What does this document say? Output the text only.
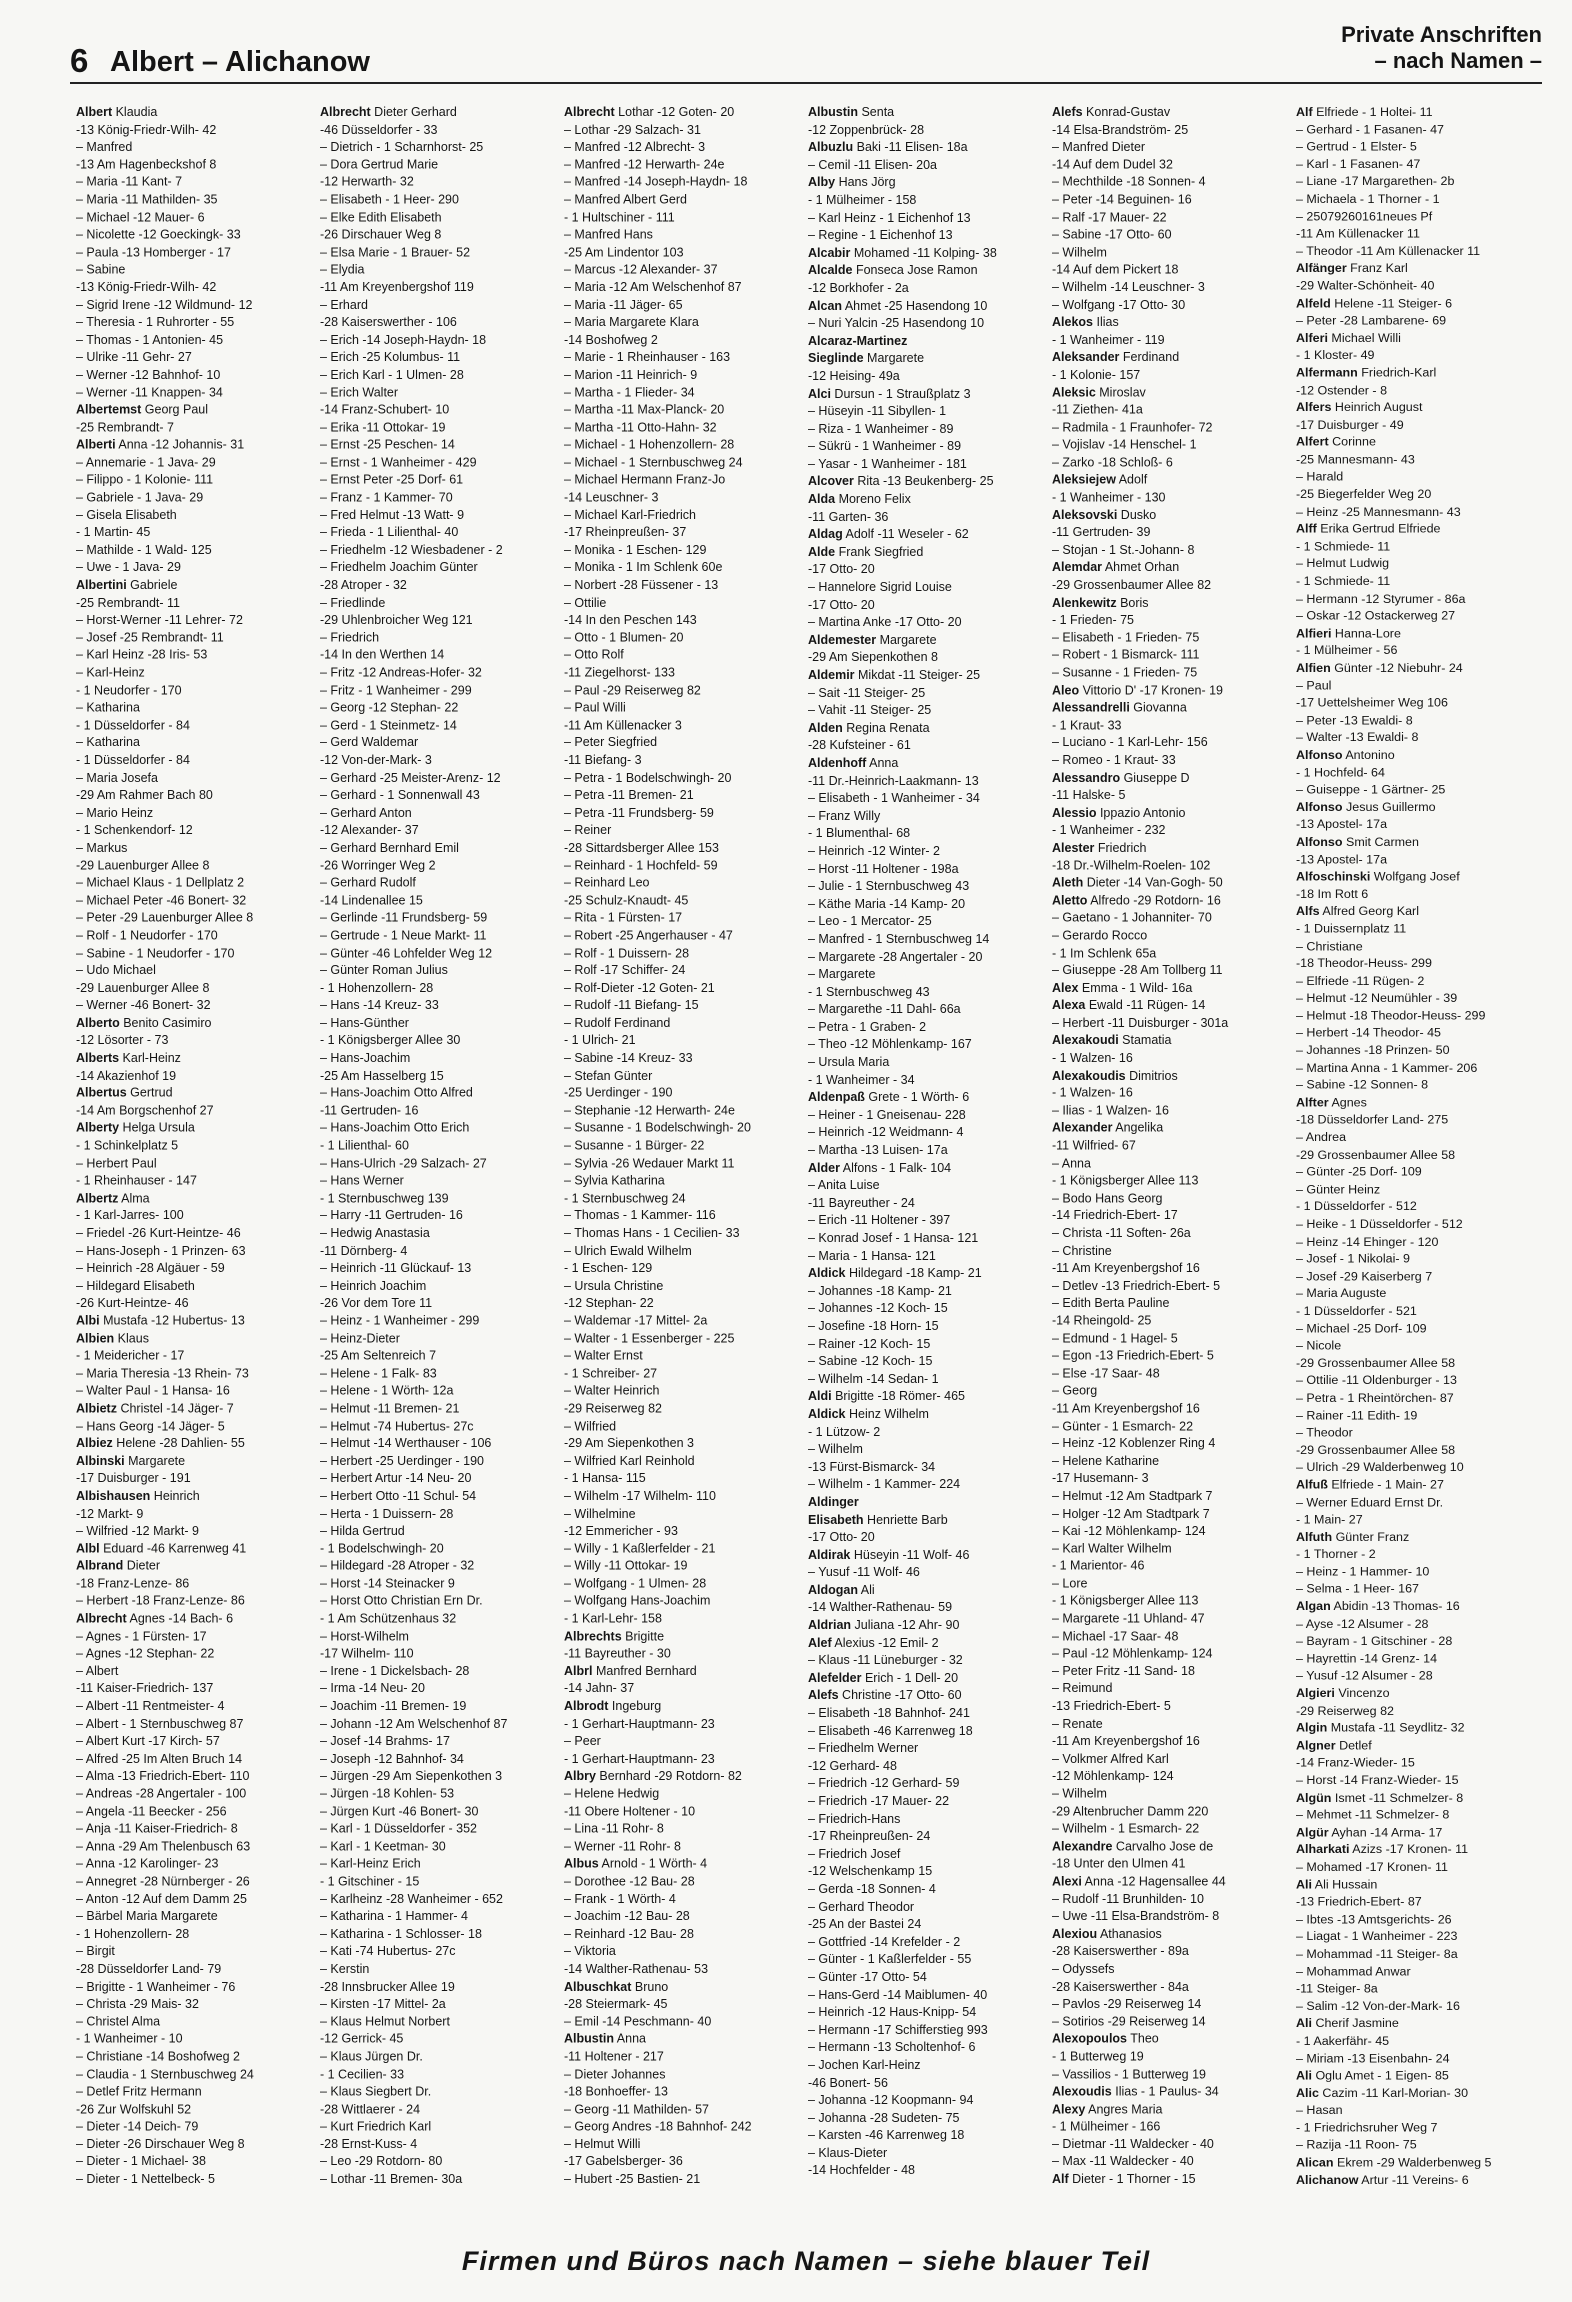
6 Albert – Alichanow
Private Anschriften
– nach Namen –
Albert Klaudia
-13 König-Friedr-Wilh- 42
– Manfred
-13 Am Hagenbeckshof 8
– Maria -11 Kant- 7
– Maria -11 Mathilden- 35
– Michael -12 Mauer- 6
– Nicolette -12 Goeckingk- 33
– Paula -13 Homberger - 17
– Sabine
-13 König-Friedr-Wilh- 42
– Sigrid Irene -12 Wildmund- 12
– Theresia - 1 Ruhrorter - 55
– Thomas - 1 Antonien- 45
– Ulrike -11 Gehr- 27
– Werner -12 Bahnhof- 10
– Werner -11 Knappen- 34
Albertemst Georg Paul
-25 Rembrandt- 7
Alberti Anna -12 Johannis- 31
– Annemarie - 1 Java- 29
– Filippo - 1 Kolonie- 111
– Gabriele - 1 Java- 29
– Gisela Elisabeth
- 1 Martin- 45
– Mathilde - 1 Wald- 125
– Uwe - 1 Java- 29
Albertini Gabriele
-25 Rembrandt- 11
– Horst-Werner -11 Lehrer- 72
– Josef -25 Rembrandt- 11
– Karl Heinz -28 Iris- 53
– Karl-Heinz
- 1 Neudorfer - 170
– Katharina
- 1 Düsseldorfer - 84
– Katharina
- 1 Düsseldorfer - 84
– Maria Josefa
-29 Am Rahmer Bach 80
– Mario Heinz
- 1 Schenkendorf- 12
– Markus
-29 Lauenburger Allee 8
– Michael Klaus - 1 Dellplatz 2
– Michael Peter -46 Bonert- 32
– Peter -29 Lauenburger Allee 8
– Rolf - 1 Neudorfer - 170
– Sabine - 1 Neudorfer - 170
– Udo Michael
-29 Lauenburger Allee 8
– Werner -46 Bonert- 32
Alberto Benito Casimiro
-12 Lösorter - 73
Alberts Karl-Heinz
-14 Akazienhof 19
Albertus Gertrud
-14 Am Borgschenhof 27
Alberty Helga Ursula
- 1 Schinkelplatz 5
– Herbert Paul
- 1 Rheinhauser - 147
Albertz Alma
- 1 Karl-Jarres- 100
– Friedel -26 Kurt-Heintze- 46
– Hans-Joseph - 1 Prinzen- 63
– Heinrich -28 Algäuer - 59
– Hildegard Elisabeth
-26 Kurt-Heintze- 46
Albi Mustafa -12 Hubertus- 13
Albien Klaus
- 1 Meidericher - 17
– Maria Theresia -13 Rhein- 73
– Walter Paul - 1 Hansa- 16
Albietz Christel -14 Jäger- 7
– Hans Georg -14 Jäger- 5
Albiez Helene -28 Dahlien- 55
Albinski Margarete
-17 Duisburger - 191
Albishausen Heinrich
-12 Markt- 9
– Wilfried -12 Markt- 9
Albl Eduard -46 Karrenweg 41
Albrand Dieter
-18 Franz-Lenze- 86
– Herbert -18 Franz-Lenze- 86
Albrecht Agnes -14 Bach- 6
– Agnes - 1 Fürsten- 17
– Agnes -12 Stephan- 22
– Albert
-11 Kaiser-Friedrich- 137
– Albert -11 Rentmeister- 4
– Albert - 1 Sternbuschweg 87
– Albert Kurt -17 Kirch- 57
– Alfred -25 Im Alten Bruch 14
– Alma -13 Friedrich-Ebert- 110
– Andreas -28 Angertaler - 100
– Angela -11 Beecker - 256
– Anja -11 Kaiser-Friedrich- 8
– Anna -29 Am Thelenbusch 63
– Anna -12 Karolinger- 23
– Annegret -28 Nürnberger - 26
– Anton -12 Auf dem Damm 25
– Bärbel Maria Margarete
- 1 Hohenzollern- 28
– Birgit
-28 Düsseldorfer Land- 79
– Brigitte - 1 Wanheimer - 76
– Christa -29 Mais- 32
– Christel Alma
- 1 Wanheimer - 10
– Christiane -14 Boshofweg 2
– Claudia - 1 Sternbuschweg 24
– Detlef Fritz Hermann
-26 Zur Wolfskuhl 52
– Dieter -14 Deich- 79
– Dieter -26 Dirschauer Weg 8
– Dieter - 1 Michael- 38
– Dieter - 1 Nettelbeck- 5
Albrecht Dieter Gerhard
-46 Düsseldorfer - 33
– Dietrich - 1 Scharnhorst- 25
– Dora Gertrud Marie
-12 Herwarth- 32
– Elisabeth - 1 Heer- 290
– Elke Edith Elisabeth
-26 Dirschauer Weg 8
– Elsa Marie - 1 Brauer- 52
– Elydia
-11 Am Kreyenbergshof 119
– Erhard
-28 Kaiserswerther - 106
– Erich -14 Joseph-Haydn- 18
– Erich -25 Kolumbus- 11
– Erich Karl - 1 Ulmen- 28
– Erich Walter
-14 Franz-Schubert- 10
– Erika -11 Ottokar- 19
– Ernst -25 Peschen- 14
– Ernst - 1 Wanheimer - 429
– Ernst Peter -25 Dorf- 61
– Franz - 1 Kammer- 70
– Fred Helmut -13 Watt- 9
– Frieda - 1 Lilienthal- 40
– Friedhelm -12 Wiesbadener - 2
– Friedhelm Joachim Günter
-28 Atroper - 32
– Friedlinde
-29 Uhlenbroicher Weg 121
– Friedrich
-14 In den Werthen 14
– Fritz -12 Andreas-Hofer- 32
– Fritz - 1 Wanheimer - 299
– Georg -12 Stephan- 22
– Gerd - 1 Steinmetz- 14
– Gerd Waldemar
-12 Von-der-Mark- 3
– Gerhard -25 Meister-Arenz- 12
– Gerhard - 1 Sonnenwall 43
– Gerhard Anton
-12 Alexander- 37
– Gerhard Bernhard Emil
-26 Worringer Weg 2
– Gerhard Rudolf
-14 Lindenallee 15
– Gerlinde -11 Frundsberg- 59
– Gertrude - 1 Neue Markt- 11
– Günter -46 Lohfelder Weg 12
– Günter Roman Julius
- 1 Hohenzollern- 28
– Hans -14 Kreuz- 33
– Hans-Günther
- 1 Königsberger Allee 30
– Hans-Joachim
-25 Am Hasselberg 15
– Hans-Joachim Otto Alfred
-11 Gertruden- 16
– Hans-Joachim Otto Erich
- 1 Lilienthal- 60
– Hans-Ulrich -29 Salzach- 27
– Hans Werner
- 1 Sternbuschweg 139
– Harry -11 Gertruden- 16
– Hedwig Anastasia
-11 Dörnberg- 4
– Heinrich -11 Glückauf- 13
– Heinrich Joachim
-26 Vor dem Tore 11
– Heinz - 1 Wanheimer - 299
– Heinz-Dieter
-25 Am Seltenreich 7
– Helene - 1 Falk- 83
– Helene - 1 Wörth- 12a
– Helmut -11 Bremen- 21
– Helmut -74 Hubertus- 27c
– Helmut -14 Werthauser - 106
– Herbert -25 Uerdinger - 190
– Herbert Artur -14 Neu- 20
– Herbert Otto -11 Schul- 54
– Herta - 1 Duissern- 28
– Hilda Gertrud
- 1 Bodelschwingh- 20
– Hildegard -28 Atroper - 32
– Horst -14 Steinacker 9
– Horst Otto Christian Ern Dr.
- 1 Am Schützenhaus 32
– Horst-Wilhelm
-17 Wilhelm- 110
– Irene - 1 Dickelsbach- 28
– Irma -14 Neu- 20
– Joachim -11 Bremen- 19
– Johann -12 Am Welschenhof 87
– Josef -14 Brahms- 17
– Joseph -12 Bahnhof- 34
– Jürgen -29 Am Siepenkothen 3
– Jürgen -18 Kohlen- 53
– Jürgen Kurt -46 Bonert- 30
– Karl - 1 Düsseldorfer - 352
– Karl - 1 Keetman- 30
– Karl-Heinz Erich
- 1 Gitschiner - 15
– Karlheinz -28 Wanheimer - 652
– Katharina - 1 Hammer- 4
– Katharina - 1 Schlosser- 18
– Kati -74 Hubertus- 27c
– Kerstin
-28 Innsbrucker Allee 19
– Kirsten -17 Mittel- 2a
– Klaus Helmut Norbert
-12 Gerrick- 45
– Klaus Jürgen Dr.
- 1 Cecilien- 33
– Klaus Siegbert Dr.
-28 Wittlaerer - 24
– Kurt Friedrich Karl
-28 Ernst-Kuss- 4
– Leo -29 Rotdorn- 80
– Lothar -11 Bremen- 30a
Albrecht Lothar -12 Goten- 20
– Lothar -29 Salzach- 31
– Manfred -12 Albrecht- 3
– Manfred -12 Herwarth- 24e
– Manfred -14 Joseph-Haydn- 18
– Manfred Albert Gerd
- 1 Hultschiner - 111
– Manfred Hans
-25 Am Lindentor 103
– Marcus -12 Alexander- 37
– Maria -12 Am Welschenhof 87
– Maria -11 Jäger- 65
– Maria Margarete Klara
-14 Boshofweg 2
– Marie - 1 Rheinhauser - 163
– Marion -11 Heinrich- 9
– Martha - 1 Flieder- 34
– Martha -11 Max-Planck- 20
– Martha -11 Otto-Hahn- 32
– Michael - 1 Hohenzollern- 28
– Michael - 1 Sternbuschweg 24
– Michael Hermann Franz-Jo
-14 Leuschner- 3
– Michael Karl-Friedrich
-17 Rheinpreußen- 37
– Monika - 1 Eschen- 129
– Monika - 1 Im Schlenk 60e
– Norbert -28 Füssener - 13
– Ottilie
-14 In den Peschen 143
– Otto - 1 Blumen- 20
– Otto Rolf
-11 Ziegelhorst- 133
– Paul -29 Reiserweg 82
– Paul Willi
-11 Am Küllenacker 3
– Peter Siegfried
-11 Biefang- 3
– Petra - 1 Bodelschwingh- 20
– Petra -11 Bremen- 21
– Petra -11 Frundsberg- 59
– Reiner
-28 Sittardsberger Allee 153
– Reinhard - 1 Hochfeld- 59
– Reinhard Leo
-25 Schulz-Knaudt- 45
– Rita - 1 Fürsten- 17
– Robert -25 Angerhauser - 47
– Rolf - 1 Duissern- 28
– Rolf -17 Schiffer- 24
– Rolf-Dieter -12 Goten- 21
– Rudolf -11 Biefang- 15
– Rudolf Ferdinand
- 1 Ulrich- 21
– Sabine -14 Kreuz- 33
– Stefan Günter
-25 Uerdinger - 190
– Stephanie -12 Herwarth- 24e
– Susanne - 1 Bodelschwingh- 20
– Susanne - 1 Bürger- 22
– Sylvia -26 Wedauer Markt 11
– Sylvia Katharina
- 1 Sternbuschweg 24
– Thomas - 1 Kammer- 116
– Thomas Hans - 1 Cecilien- 33
– Ulrich Ewald Wilhelm
- 1 Eschen- 129
– Ursula Christine
-12 Stephan- 22
– Waldemar -17 Mittel- 2a
– Walter - 1 Essenberger - 225
– Walter Ernst
- 1 Schreiber- 27
– Walter Heinrich
-29 Reiserweg 82
– Wilfried
-29 Am Siepenkothen 3
– Wilfried Karl Reinhold
- 1 Hansa- 115
– Wilhelm -17 Wilhelm- 110
– Wilhelmine
-12 Emmericher - 93
– Willy - 1 Kaßlerfelder - 21
– Willy -11 Ottokar- 19
– Wolfgang - 1 Ulmen- 28
– Wolfgang Hans-Joachim
- 1 Karl-Lehr- 158
Albrechts Brigitte
-11 Bayreuther - 30
Albrl Manfred Bernhard
-14 Jahn- 37
Albrodt Ingeburg
- 1 Gerhart-Hauptmann- 23
– Peer
- 1 Gerhart-Hauptmann- 23
Albry Bernhard -29 Rotdorn- 82
– Helene Hedwig
-11 Obere Holtener - 10
– Lina -11 Rohr- 8
– Werner -11 Rohr- 8
Albus Arnold - 1 Wörth- 4
– Dorothee -12 Bau- 28
– Frank - 1 Wörth- 4
– Joachim -12 Bau- 28
– Reinhard -12 Bau- 28
– Viktoria
-14 Walther-Rathenau- 53
Albuschkat Bruno
-28 Steiermark- 45
– Emil -14 Peschmann- 40
Albustin Anna
-11 Holtener - 217
– Dieter Johannes
-18 Bonhoeffer- 13
– Georg -11 Mathilden- 57
– Georg Andres -18 Bahnhof- 242
– Helmut Willi
-17 Gabelsberger- 36
– Hubert -25 Bastien- 21
Albustin Senta
-12 Zoppenbrück- 28
Albuzlu Baki -11 Elisen- 18a
– Cemil -11 Elisen- 20a
Alby Hans Jörg
- 1 Mülheimer - 158
– Karl Heinz - 1 Eichenhof 13
– Regine - 1 Eichenhof 13
Alcabir Mohamed -11 Kolping- 38
Alcalde Fonseca Jose Ramon
-12 Borkhofer - 2a
Alcan Ahmet -25 Hasendong 10
– Nuri Yalcin -25 Hasendong 10
Alcaraz-Martinez
Sieglinde Margarete
-12 Heising- 49a
Alci Dursun - 1 Straußplatz 3
– Hüseyin -11 Sibyllen- 1
– Riza - 1 Wanheimer - 89
– Sükrü - 1 Wanheimer - 89
– Yasar - 1 Wanheimer - 181
Alcover Rita -13 Beukenberg- 25
Alda Moreno Felix
-11 Garten- 36
Aldag Adolf -11 Weseler - 62
Alde Frank Siegfried
-17 Otto- 20
– Hannelore Sigrid Louise
-17 Otto- 20
– Martina Anke -17 Otto- 20
Aldemester Margarete
-29 Am Siepenkothen 8
Aldemir Mikdat -11 Steiger- 25
– Sait -11 Steiger- 25
– Vahit -11 Steiger- 25
Alden Regina Renata
-28 Kufsteiner - 61
Aldenhoff Anna
-11 Dr.-Heinrich-Laakmann- 13
– Elisabeth - 1 Wanheimer - 34
– Franz Willy
- 1 Blumenthal- 68
– Heinrich -12 Winter- 2
– Horst -11 Holtener - 198a
– Julie - 1 Sternbuschweg 43
– Käthe Maria -14 Kamp- 20
– Leo - 1 Mercator- 25
– Manfred - 1 Sternbuschweg 14
– Margarete -28 Angertaler - 20
– Margarete
- 1 Sternbuschweg 43
– Margarethe -11 Dahl- 66a
– Petra - 1 Graben- 2
– Theo -12 Möhlenkamp- 167
– Ursula Maria
- 1 Wanheimer - 34
Aldenpaß Grete - 1 Wörth- 6
– Heiner - 1 Gneisenau- 228
– Heinrich -12 Weidmann- 4
– Martha -13 Luisen- 17a
Alder Alfons - 1 Falk- 104
– Anita Luise
-11 Bayreuther - 24
– Erich -11 Holtener - 397
– Konrad Josef - 1 Hansa- 121
– Maria - 1 Hansa- 121
Aldick Hildegard -18 Kamp- 21
– Johannes -18 Kamp- 21
– Johannes -12 Koch- 15
– Josefine -18 Horn- 15
– Rainer -12 Koch- 15
– Sabine -12 Koch- 15
– Wilhelm -14 Sedan- 1
Aldi Brigitte -18 Römer- 465
Aldick Heinz Wilhelm
- 1 Lützow- 2
– Wilhelm
-13 Fürst-Bismarck- 34
– Wilhelm - 1 Kammer- 224
Aldinger
Elisabeth Henriette Barb
-17 Otto- 20
Aldirak Hüseyin -11 Wolf- 46
– Yusuf -11 Wolf- 46
Aldogan Ali
-14 Walther-Rathenau- 59
Aldrian Juliana -12 Ahr- 90
Alef Alexius -12 Emil- 2
– Klaus -11 Lüneburger - 32
Alefelder Erich - 1 Dell- 20
Alefs Christine -17 Otto- 60
– Elisabeth -18 Bahnhof- 241
– Elisabeth -46 Karrenweg 18
– Friedhelm Werner
-12 Gerhard- 48
– Friedrich -12 Gerhard- 59
– Friedrich -17 Mauer- 22
– Friedrich-Hans
-17 Rheinpreußen- 24
– Friedrich Josef
-12 Welschenkamp 15
– Gerda -18 Sonnen- 4
– Gerhard Theodor
-25 An der Bastei 24
– Gottfried -14 Krefelder - 2
– Günter - 1 Kaßlerfelder - 55
– Günter -17 Otto- 54
– Hans-Gerd -14 Maiblumen- 40
– Heinrich -12 Haus-Knipp- 54
– Hermann -17 Schifferstieg 993
– Hermann -13 Scholtenhof- 6
– Jochen Karl-Heinz
-46 Bonert- 56
– Johanna -12 Koopmann- 94
– Johanna -28 Sudeten- 75
– Karsten -46 Karrenweg 18
– Klaus-Dieter
-14 Hochfelder - 48
Alefs Konrad-Gustav
-14 Elsa-Brandström- 25
– Manfred Dieter
-14 Auf dem Dudel 32
– Mechthilde -18 Sonnen- 4
– Peter -14 Beguinen- 16
– Ralf -17 Mauer- 22
– Sabine -17 Otto- 60
– Wilhelm
-14 Auf dem Pickert 18
– Wilhelm -14 Leuschner- 3
– Wolfgang -17 Otto- 30
Alekos Ilias
- 1 Wanheimer - 119
Aleksander Ferdinand
- 1 Kolonie- 157
Aleksic Miroslav
-11 Ziethen- 41a
– Radmila - 1 Fraunhofer- 72
– Vojislav -14 Henschel- 1
– Zarko -18 Schloß- 6
Aleksiejew Adolf
- 1 Wanheimer - 130
Aleksovski Dusko
-11 Gertruden- 39
– Stojan - 1 St.-Johann- 8
Alemdar Ahmet Orhan
-29 Grossenbaumer Allee 82
Alenkewitz Boris
- 1 Frieden- 75
– Elisabeth - 1 Frieden- 75
– Robert - 1 Bismarck- 111
– Susanne - 1 Frieden- 75
Aleo Vittorio D' -17 Kronen- 19
Alessandrelli Giovanna
- 1 Kraut- 33
– Luciano - 1 Karl-Lehr- 156
– Romeo - 1 Kraut- 33
Alessandro Giuseppe D
-11 Halske- 5
Alessio Ippazio Antonio
- 1 Wanheimer - 232
Alester Friedrich
-18 Dr.-Wilhelm-Roelen- 102
Aleth Dieter -14 Van-Gogh- 50
Aletto Alfredo -29 Rotdorn- 16
– Gaetano - 1 Johanniter- 70
– Gerardo Rocco
- 1 Im Schlenk 65a
– Giuseppe -28 Am Tollberg 11
Alex Emma - 1 Wild- 16a
Alexa Ewald -11 Rügen- 14
– Herbert -11 Duisburger - 301a
Alexakoudi Stamatia
- 1 Walzen- 16
Alexakoudis Dimitrios
- 1 Walzen- 16
– Ilias - 1 Walzen- 16
Alexander Angelika
-11 Wilfried- 67
– Anna
- 1 Königsberger Allee 113
– Bodo Hans Georg
-14 Friedrich-Ebert- 17
– Christa -11 Soften- 26a
– Christine
-11 Am Kreyenbergshof 16
– Detlev -13 Friedrich-Ebert- 5
– Edith Berta Pauline
-14 Rheingold- 25
– Edmund - 1 Hagel- 5
– Egon -13 Friedrich-Ebert- 5
– Else -17 Saar- 48
– Georg
-11 Am Kreyenbergshof 16
– Günter - 1 Esmarch- 22
– Heinz -12 Koblenzer Ring 4
– Helene Katharine
-17 Husemann- 3
– Helmut -12 Am Stadtpark 7
– Holger -12 Am Stadtpark 7
– Kai -12 Möhlenkamp- 124
– Karl Walter Wilhelm
- 1 Marientor- 46
– Lore
- 1 Königsberger Allee 113
– Margarete -11 Uhland- 47
– Michael -17 Saar- 48
– Paul -12 Möhlenkamp- 124
– Peter Fritz -11 Sand- 18
– Reimund
-13 Friedrich-Ebert- 5
– Renate
-11 Am Kreyenbergshof 16
– Volkmer Alfred Karl
-12 Möhlenkamp- 124
– Wilhelm
-29 Altenbrucher Damm 220
– Wilhelm - 1 Esmarch- 22
Alexandre Carvalho Jose de
-18 Unter den Ulmen 41
Alexi Anna -12 Hagensallee 44
– Rudolf -11 Brunhilden- 10
– Uwe -11 Elsa-Brandström- 8
Alexiou Athanasios
-28 Kaiserswerther - 89a
– Odyssefs
-28 Kaiserswerther - 84a
– Pavlos -29 Reiserweg 14
– Sotirios -29 Reiserweg 14
Alexopoulos Theo
- 1 Butterweg 19
– Vassilios - 1 Butterweg 19
Alexoudis Ilias - 1 Paulus- 34
Alexy Angres Maria
- 1 Mülheimer - 166
– Dietmar -11 Waldecker - 40
– Max -11 Waldecker - 40
Alf Dieter - 1 Thorner - 15
Alf Elfriede - 1 Holtei- 11
– Gerhard - 1 Fasanen- 47
– Gertrud - 1 Elster- 5
– Karl - 1 Fasanen- 47
– Liane -17 Margarethen- 2b
– Michaela - 1 Thorner - 1
– 25079260161neues Pf
-11 Am Küllenacker 11
– Theodor -11 Am Küllenacker 11
Alfänger Franz Karl
-29 Walter-Schönheit- 40
Alfeld Helene -11 Steiger- 6
– Peter -28 Lambarene- 69
Alferi Michael Willi
- 1 Kloster- 49
Alfermann Friedrich-Karl
-12 Ostender - 8
Alfers Heinrich August
-17 Duisburger - 49
Alfert Corinne
-25 Mannesmann- 43
– Harald
-25 Biegerfelder Weg 20
– Heinz -25 Mannesmann- 43
Alff Erika Gertrud Elfriede
- 1 Schmiede- 11
– Helmut Ludwig
- 1 Schmiede- 11
– Hermann -12 Styrumer - 86a
– Oskar -12 Ostackerweg 27
Alfieri Hanna-Lore
- 1 Mülheimer - 56
Alfien Günter -12 Niebuhr- 24
– Paul
-17 Uettelsheimer Weg 106
– Peter -13 Ewaldi- 8
– Walter -13 Ewaldi- 8
Alfonso Antonino
- 1 Hochfeld- 64
– Guiseppe - 1 Gärtner- 25
Alfonso Jesus Guillermo
-13 Apostel- 17a
Alfonso Smit Carmen
-13 Apostel- 17a
Alfoschinski Wolfgang Josef
-18 Im Rott 6
Alfs Alfred Georg Karl
- 1 Duissernplatz 11
– Christiane
-18 Theodor-Heuss- 299
– Elfriede -11 Rügen- 2
– Helmut -12 Neumühler - 39
– Helmut -18 Theodor-Heuss- 299
– Herbert -14 Theodor- 45
– Johannes -18 Prinzen- 50
– Martina Anna - 1 Kammer- 206
– Sabine -12 Sonnen- 8
Alfter Agnes
-18 Düsseldorfer Land- 275
– Andrea
-29 Grossenbaumer Allee 58
– Günter -25 Dorf- 109
– Günter Heinz
- 1 Düsseldorfer - 512
– Heike - 1 Düsseldorfer - 512
– Heinz -14 Ehinger - 120
– Josef - 1 Nikolai- 9
– Josef -29 Kaiserberg 7
– Maria Auguste
- 1 Düsseldorfer - 521
– Michael -25 Dorf- 109
– Nicole
-29 Grossenbaumer Allee 58
– Ottilie -11 Oldenburger - 13
– Petra - 1 Rheintörchen- 87
– Rainer -11 Edith- 19
– Theodor
-29 Grossenbaumer Allee 58
– Ulrich -29 Walderbenweg 10
Alfuß Elfriede - 1 Main- 27
– Werner Eduard Ernst Dr.
- 1 Main- 27
Alfuth Günter Franz
- 1 Thorner - 2
– Heinz - 1 Hammer- 10
– Selma - 1 Heer- 167
Algan Abidin -13 Thomas- 16
– Ayse -12 Alsumer - 28
– Bayram - 1 Gitschiner - 28
– Hayrettin -14 Grenz- 14
– Yusuf -12 Alsumer - 28
Algieri Vincenzo
-29 Reiserweg 82
Algin Mustafa -11 Seydlitz- 32
Algner Detlef
-14 Franz-Wieder- 15
– Horst -14 Franz-Wieder- 15
Algün Ismet -11 Schmelzer- 8
– Mehmet -11 Schmelzer- 8
Algür Ayhan -14 Arma- 17
Alharkati Azizs -17 Kronen- 11
– Mohamed -17 Kronen- 11
Ali Ali Hussain
-13 Friedrich-Ebert- 87
– Ibtes -13 Amtsgerichts- 26
– Liagat - 1 Wanheimer - 223
– Mohammad -11 Steiger- 8a
– Mohammad Anwar
-11 Steiger- 8a
– Salim -12 Von-der-Mark- 16
Ali Cherif Jasmine
- 1 Aakerfähr- 45
– Miriam -13 Eisenbahn- 24
Ali Oglu Amet - 1 Eigen- 85
Alic Cazim -11 Karl-Morian- 30
– Hasan
- 1 Friedrichsruher Weg 7
– Razija -11 Roon- 75
Alican Ekrem -29 Walderbenweg 5
Alichanow Artur -11 Vereins- 6
Firmen und Büros nach Namen – siehe blauer Teil
